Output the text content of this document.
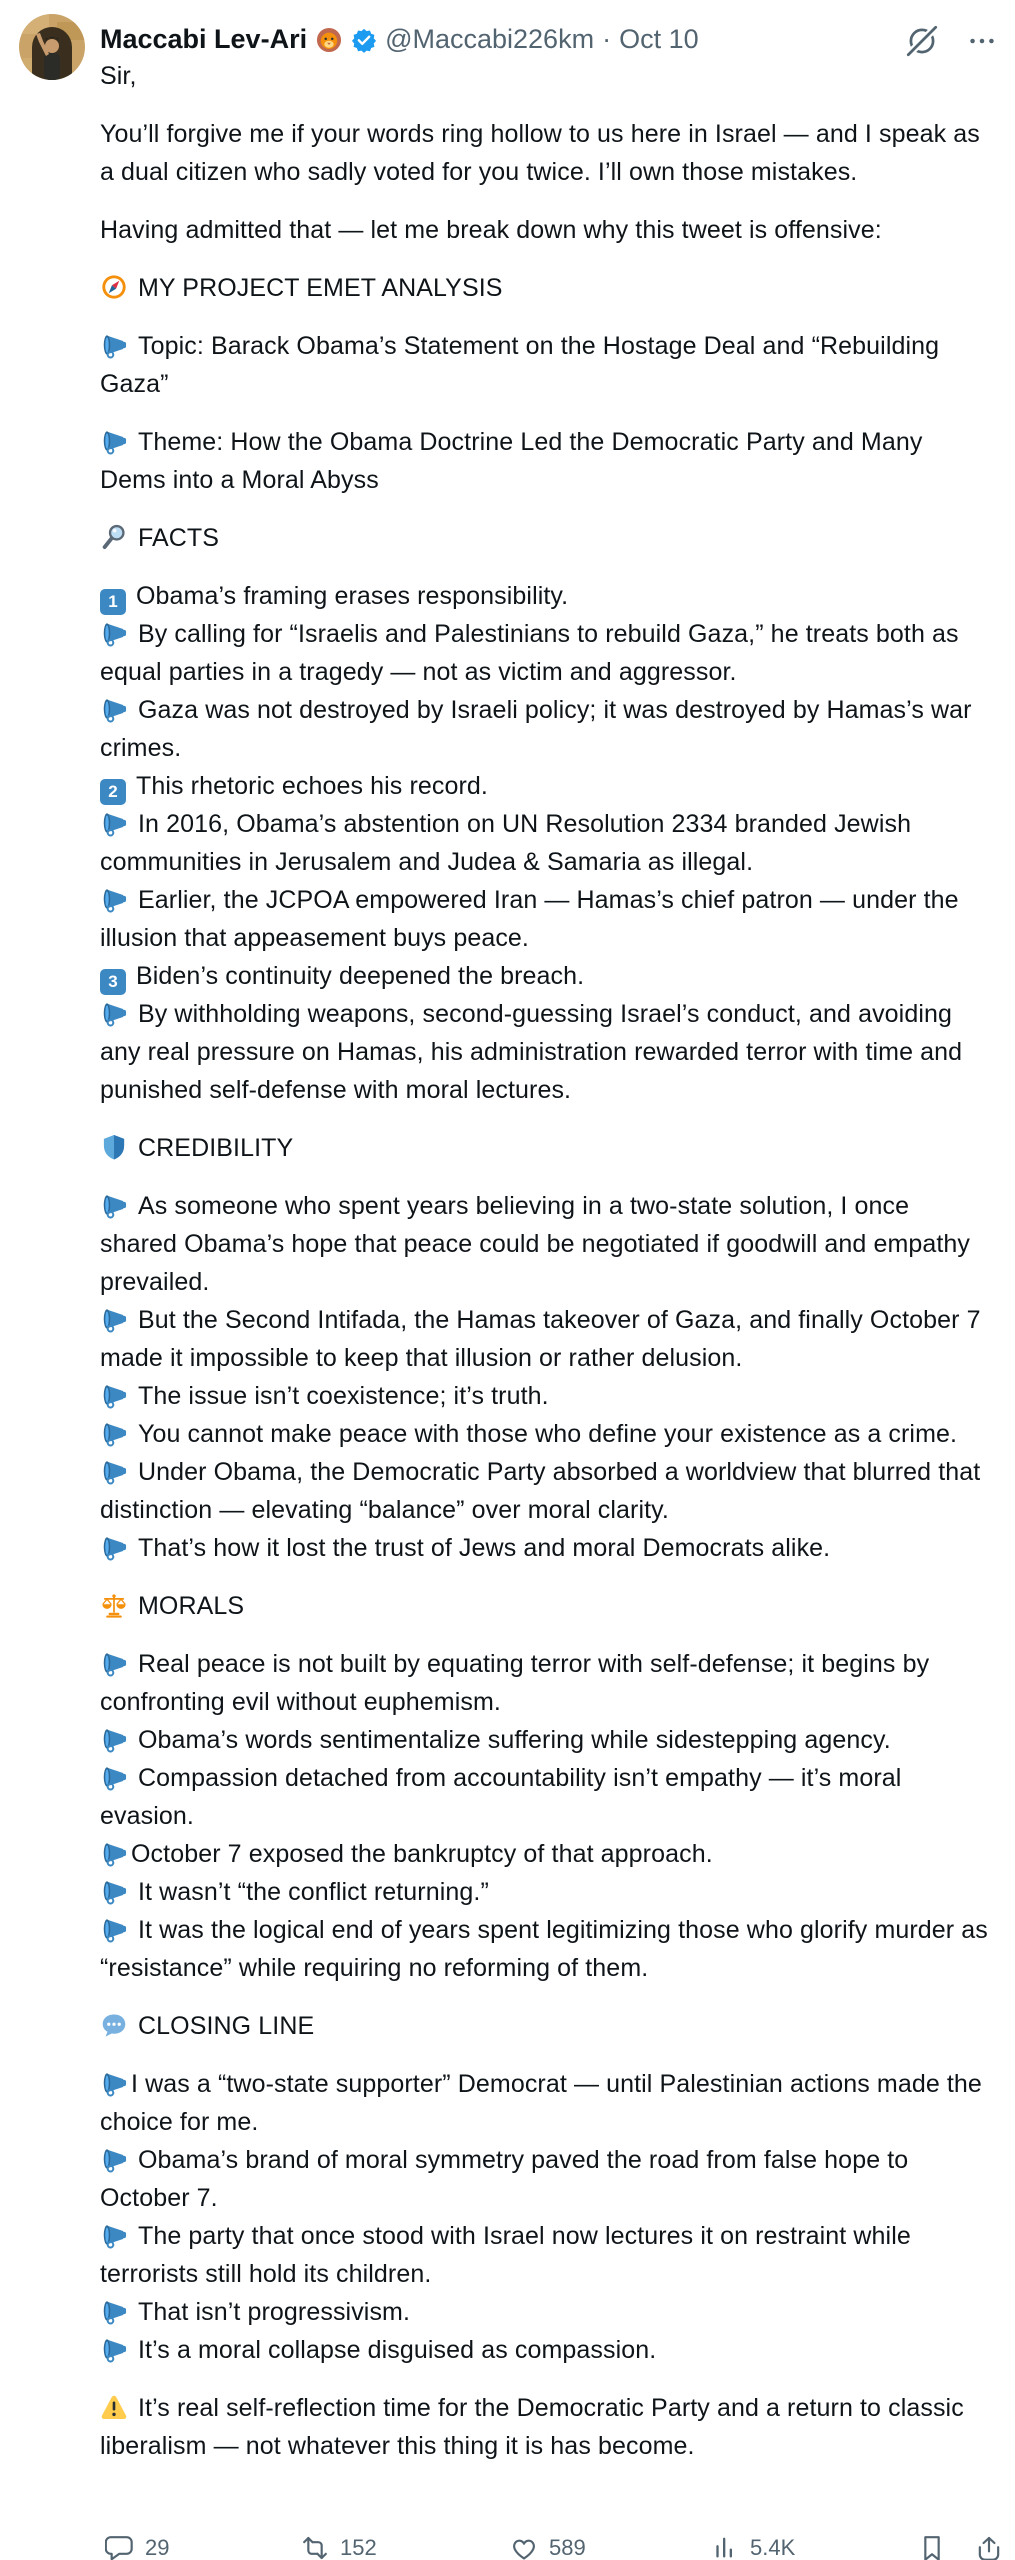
Maccabi Lev-Ari	@Maccabi226km · Oct 10

Sir,

You’ll forgive me if your words ring hollow to us here in Israel — and I speak as a dual citizen who sadly voted for you twice. I’ll own those mistakes.

Having admitted that — let me break down why this tweet is offensive:

MY PROJECT EMET ANALYSIS

Topic: Barack Obama’s Statement on the Hostage Deal and “Rebuilding Gaza”

Theme: How the Obama Doctrine Led the Democratic Party and Many Dems into a Moral Abyss

FACTS

1 Obama’s framing erases responsibility.

By calling for “Israelis and Palestinians to rebuild Gaza,” he treats both as equal parties in a tragedy — not as victim and aggressor.

Gaza was not destroyed by Israeli policy; it was destroyed by Hamas’s war crimes.

2 This rhetoric echoes his record.

In 2016, Obama’s abstention on UN Resolution 2334 branded Jewish communities in Jerusalem and Judea & Samaria as illegal.

Earlier, the JCPOA empowered Iran — Hamas’s chief patron — under the illusion that appeasement buys peace.

3 Biden’s continuity deepened the breach.

By withholding weapons, second-guessing Israel’s conduct, and avoiding any real pressure on Hamas, his administration rewarded terror with time and punished self-defense with moral lectures.

CREDIBILITY

As someone who spent years believing in a two-state solution, I once shared Obama’s hope that peace could be negotiated if goodwill and empathy prevailed.

But the Second Intifada, the Hamas takeover of Gaza, and finally October 7 made it impossible to keep that illusion or rather delusion.

The issue isn’t coexistence; it’s truth.

You cannot make peace with those who define your existence as a crime.

Under Obama, the Democratic Party absorbed a worldview that blurred that distinction — elevating “balance” over moral clarity.

That’s how it lost the trust of Jews and moral Democrats alike.

MORALS

Real peace is not built by equating terror with self-defense; it begins by confronting evil without euphemism.

Obama’s words sentimentalize suffering while sidestepping agency.

Compassion detached from accountability isn’t empathy — it’s moral evasion.

October 7 exposed the bankruptcy of that approach.

It wasn’t “the conflict returning.”

It was the logical end of years spent legitimizing those who glorify murder as “resistance” while requiring no reforming of them.

CLOSING LINE

I was a “two-state supporter” Democrat — until Palestinian actions made the choice for me.

Obama’s brand of moral symmetry paved the road from false hope to October 7.

The party that once stood with Israel now lectures it on restraint while terrorists still hold its children.

That isn’t progressivism.

It’s a moral collapse disguised as compassion.

It’s real self-reflection time for the Democratic Party and a return to classic liberalism — not whatever this thing it is has become.

29	152	589	5.4K
